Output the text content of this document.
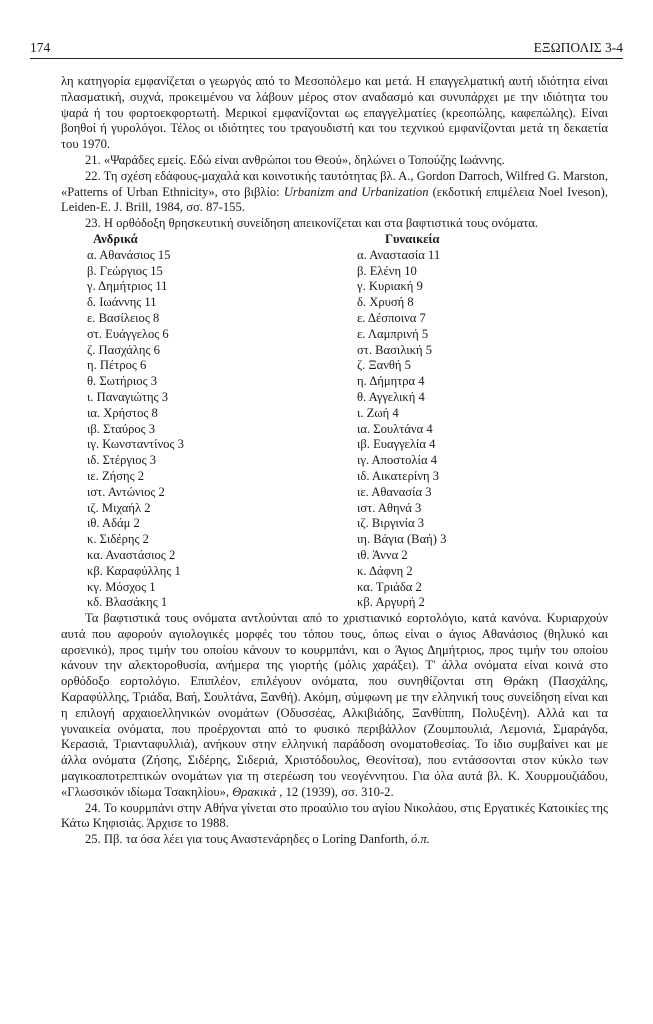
174	ΕΞΩΠΟΛΙΣ 3-4

λη κατηγορία εμφανίζεται ο γεωργός από το Μεσοπόλεμο και μετά. Η επαγγελματική αυτή ιδιότητα είναι πλασματική, συχνά, προκειμένου να λάβουν μέρος στον αναδασμό και συνυπάρχει με την ιδιότητα του ψαρά ή του φορτοεκφορτωτή. Μερικοί εμφανίζονται ως επαγγελματίες (κρεοπώλης, καφεπώλης). Είναι βοηθοί ή γυρολόγοι. Τέλος οι ιδιότητες του τραγουδιστή και του τεχνικού εμφανίζονται μετά τη δεκαετία του 1970.

21. «Ψαράδες εμείς. Εδώ είναι ανθρώποι του Θεού», δηλώνει ο Τοπούζης Ιωάννης.

22. Τη σχέση εδάφους-μαχαλά και κοινοτικής ταυτότητας βλ. Α., Gordon Darroch, Wilfred G. Marston, «Patterns of Urban Ethnicity», στο βιβλίο: Urbanizm and Urbanization (εκδοτική επιμέλεια Noel Iveson), Leiden-E. J. Brill, 1984, σσ. 87-155.

23. Η ορθόδοξη θρησκευτική συνείδηση απεικονίζεται και στα βαφτιστικά τους ονόματα.

Ανδρικά
α. Αθανάσιος 15
β. Γεώργιος 15
γ. Δημήτριος 11
δ. Ιωάννης 11
ε. Βασίλειος 8
στ. Ευάγγελος 6
ζ. Πασχάλης 6
η. Πέτρος 6
θ. Σωτήριος 3
ι. Παναγιώτης 3
ια. Χρήστος 8
ιβ. Σταύρος 3
ιγ. Κωνσταντίνος 3
ιδ. Στέργιος 3
ιε. Ζήσης 2
ιστ. Αντώνιος 2
ιζ. Μιχαήλ 2
ιθ. Αδάμ 2
κ. Σιδέρης 2
κα. Αναστάσιος 2
κβ. Καραφύλλης 1
κγ. Μόσχος 1
κδ. Βλασάκης 1
Γυναικεία
α. Αναστασία 11
β. Ελένη 10
γ. Κυριακή 9
δ. Χρυσή 8
ε. Δέσποινα 7
ε. Λαμπρινή 5
στ. Βασιλική 5
ζ. Ξανθή 5
η. Δήμητρα 4
θ. Αγγελική 4
ι. Ζωή 4
ια. Σουλτάνα 4
ιβ. Ευαγγελία 4
ιγ. Αποστολία 4
ιδ. Αικατερίνη 3
ιε. Αθανασία 3
ιστ. Αθηνά 3
ιζ. Βιργινία 3
ιη. Βάγια (Βαή) 3
ιθ. Άννα 2
κ. Δάφνη 2
κα. Τριάδα 2
κβ. Αργυρή 2

Τα βαφτιστικά τους ονόματα αντλούνται από το χριστιανικό εορτολόγιο, κατά κανόνα. Κυριαρχούν αυτά που αφορούν αγιολογικές μορφές του τόπου τους, όπως είναι ο άγιος Αθανάσιος (θηλυκό και αρσενικό), προς τιμήν του οποίου κάνουν το κουρμπάνι, και ο Άγιος Δημήτριος, προς τιμήν του οποίου κάνουν την αλεκτοροθυσία, ανήμερα της γιορτής (μόλις χαράξει). Τ' άλλα ονόματα είναι κοινά στο ορθόδοξο εορτολόγιο. Επιπλέον, επιλέγουν ονόματα, που συνηθίζονται στη Θράκη (Πασχάλης, Καραφύλλης, Τριάδα, Βαή, Σουλτάνα, Ξανθή). Ακόμη, σύμφωνη με την ελληνική τους συνείδηση είναι και η επιλογή αρχαιοελληνικών ονομάτων (Οδυσσέας, Αλκιβιάδης, Ξανθίππη, Πολυξένη). Αλλά και τα γυναικεία ονόματα, που προέρχονται από το φυσικό περιβάλλον (Ζουμπουλιά, Λεμονιά, Σμαράγδα, Κερασιά, Τριανταφυλλιά), ανήκουν στην ελληνική παράδοση ονοματοθεσίας. Το ίδιο συμβαίνει και με άλλα ονόματα (Ζήσης, Σιδέρης, Σιδεριά, Χριστόδουλος, Θεονίτσα), που εντάσσονται στον κύκλο των μαγικοαποτρεπτικών ονομάτων για τη στερέωση του νεογέννητου. Για όλα αυτά βλ. Κ. Χουρμουζιάδου, «Γλωσσικόν ιδίωμα Τσακηλίου», Θρακικά , 12 (1939), σσ. 310-2.

24. Το κουρμπάνι στην Αθήνα γίνεται στο προαύλιο του αγίου Νικολάου, στις Εργατικές Κατοικίες της Κάτω Κηφισιάς. Άρχισε το 1988.

25. Πβ. τα όσα λέει για τους Αναστενάρηδες ο Loring Danforth, ό.π.
